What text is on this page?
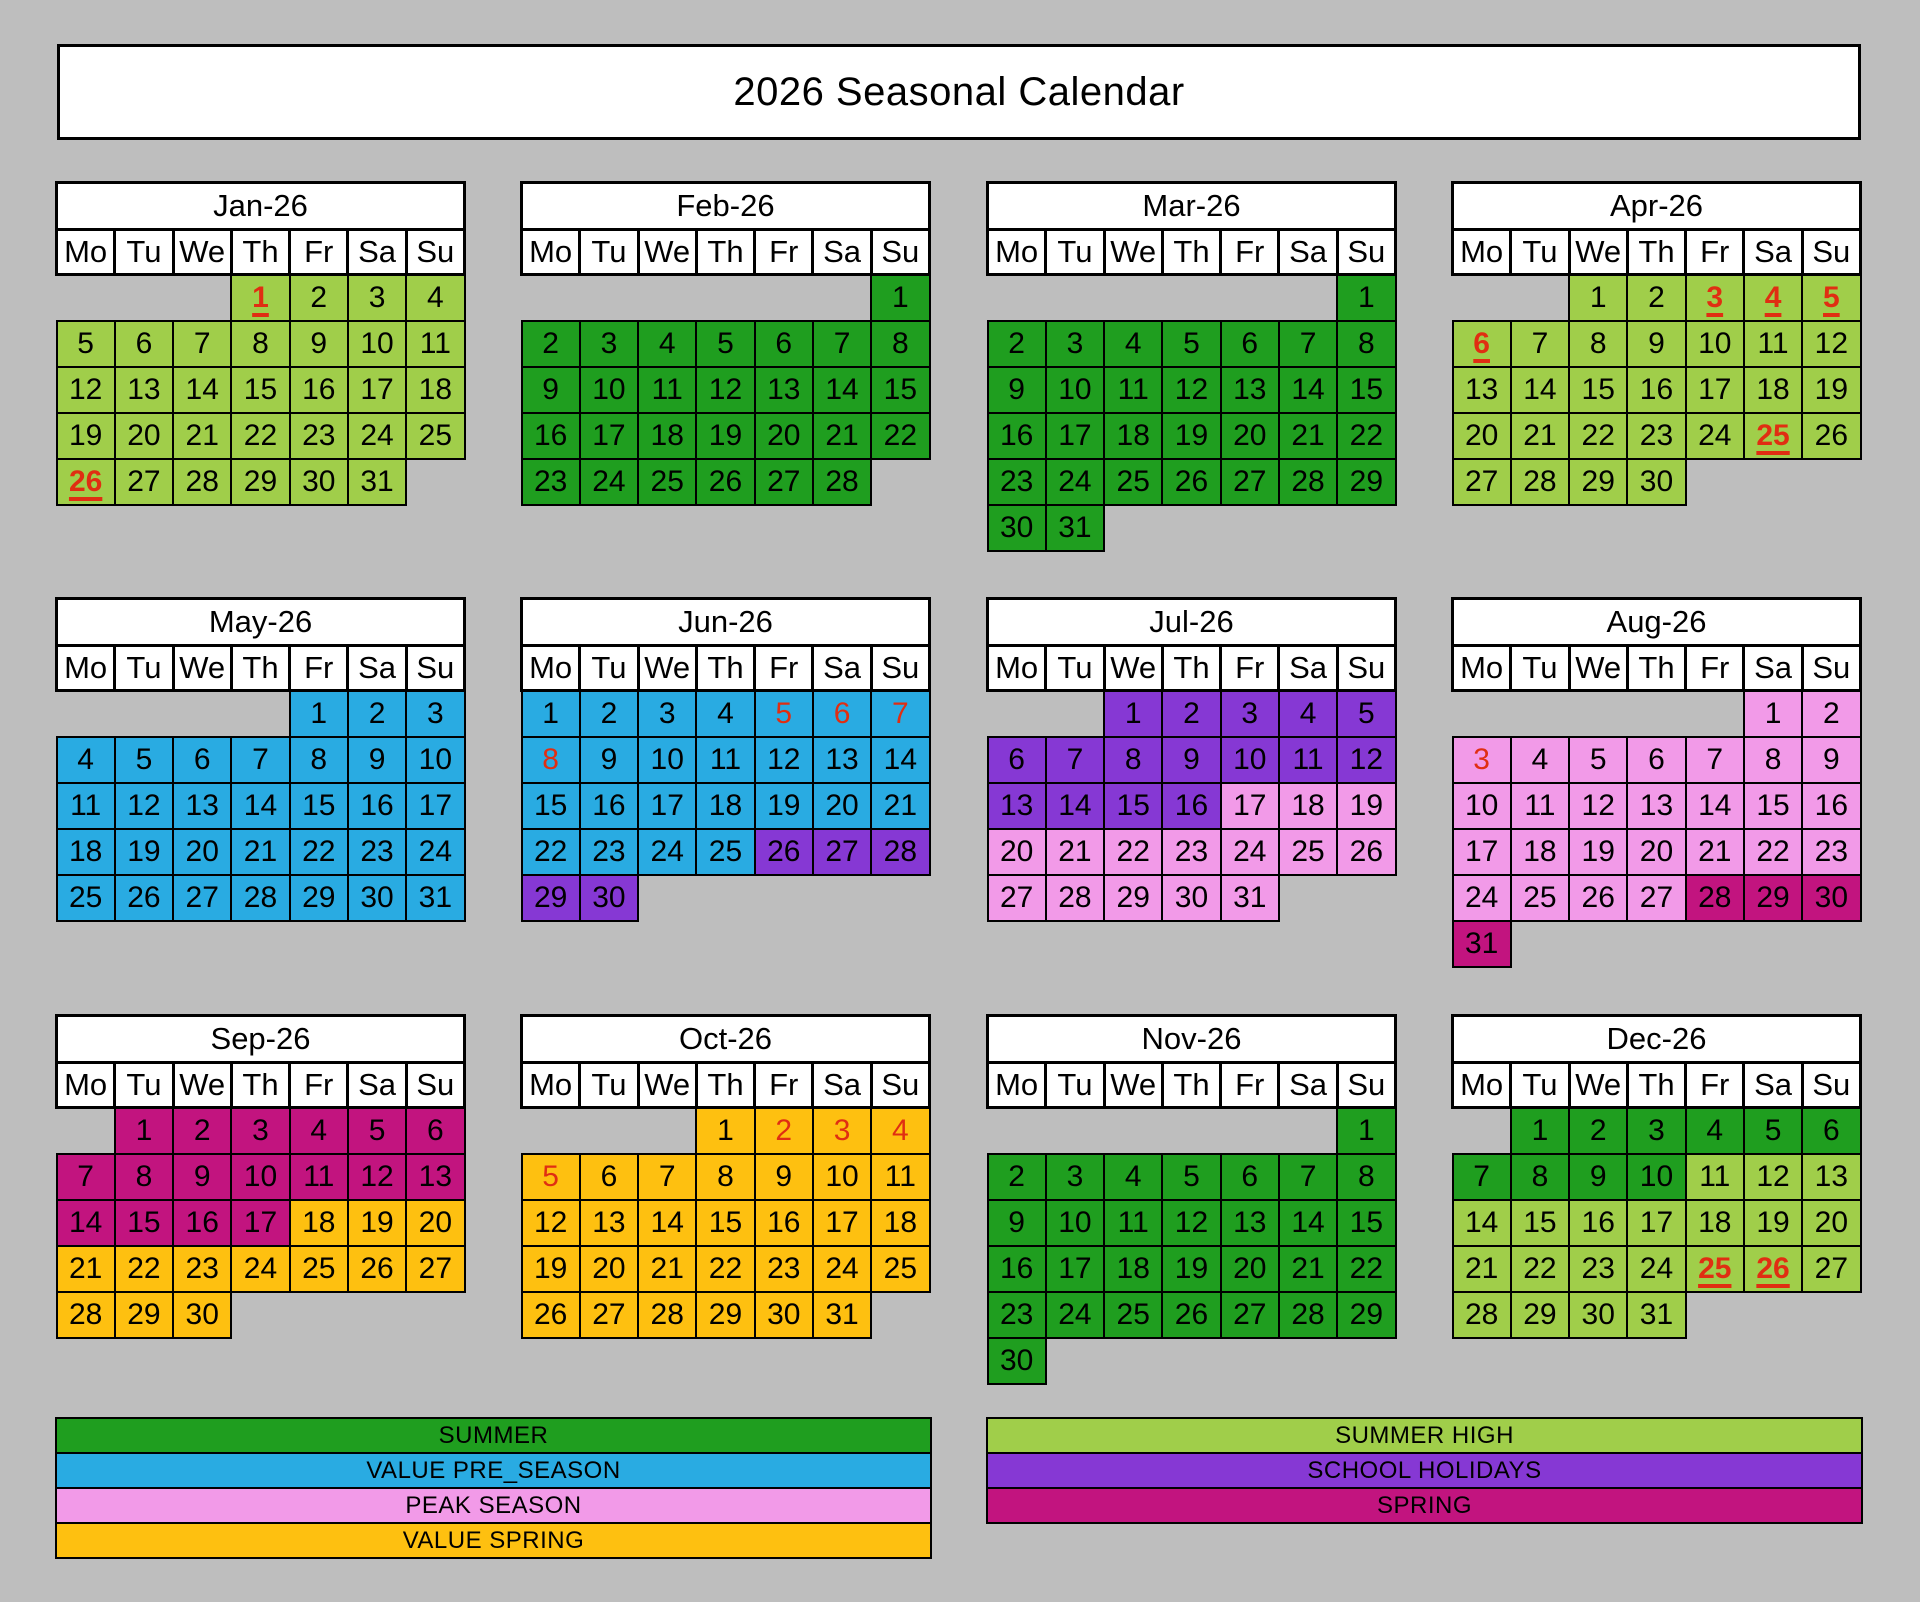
2026 Seasonal Calendar
Jan-26						
Mo	Tu	We	Th	Fr	Sa	Su
			1	2	3	4
5	6	7	8	9	10	11
12	13	14	15	16	17	18
19	20	21	22	23	24	25
26	27	28	29	30	31	
Feb-26						
Mo	Tu	We	Th	Fr	Sa	Su
						1
2	3	4	5	6	7	8
9	10	11	12	13	14	15
16	17	18	19	20	21	22
23	24	25	26	27	28	
Mar-26						
Mo	Tu	We	Th	Fr	Sa	Su
						1
2	3	4	5	6	7	8
9	10	11	12	13	14	15
16	17	18	19	20	21	22
23	24	25	26	27	28	29
30	31					
Apr-26						
Mo	Tu	We	Th	Fr	Sa	Su
		1	2	3	4	5
6	7	8	9	10	11	12
13	14	15	16	17	18	19
20	21	22	23	24	25	26
27	28	29	30			
May-26						
Mo	Tu	We	Th	Fr	Sa	Su
				1	2	3
4	5	6	7	8	9	10
11	12	13	14	15	16	17
18	19	20	21	22	23	24
25	26	27	28	29	30	31
Jun-26						
Mo	Tu	We	Th	Fr	Sa	Su
1	2	3	4	5	6	7
8	9	10	11	12	13	14
15	16	17	18	19	20	21
22	23	24	25	26	27	28
29	30					
Jul-26						
Mo	Tu	We	Th	Fr	Sa	Su
		1	2	3	4	5
6	7	8	9	10	11	12
13	14	15	16	17	18	19
20	21	22	23	24	25	26
27	28	29	30	31		
Aug-26						
Mo	Tu	We	Th	Fr	Sa	Su
					1	2
3	4	5	6	7	8	9
10	11	12	13	14	15	16
17	18	19	20	21	22	23
24	25	26	27	28	29	30
31						
Sep-26						
Mo	Tu	We	Th	Fr	Sa	Su
	1	2	3	4	5	6
7	8	9	10	11	12	13
14	15	16	17	18	19	20
21	22	23	24	25	26	27
28	29	30				
Oct-26						
Mo	Tu	We	Th	Fr	Sa	Su
			1	2	3	4
5	6	7	8	9	10	11
12	13	14	15	16	17	18
19	20	21	22	23	24	25
26	27	28	29	30	31	
Nov-26						
Mo	Tu	We	Th	Fr	Sa	Su
						1
2	3	4	5	6	7	8
9	10	11	12	13	14	15
16	17	18	19	20	21	22
23	24	25	26	27	28	29
30						
Dec-26						
Mo	Tu	We	Th	Fr	Sa	Su
	1	2	3	4	5	6
7	8	9	10	11	12	13
14	15	16	17	18	19	20
21	22	23	24	25	26	27
28	29	30	31			
SUMMER
VALUE PRE_SEASON
PEAK SEASON
VALUE SPRING
SUMMER HIGH
SCHOOL HOLIDAYS
SPRING
